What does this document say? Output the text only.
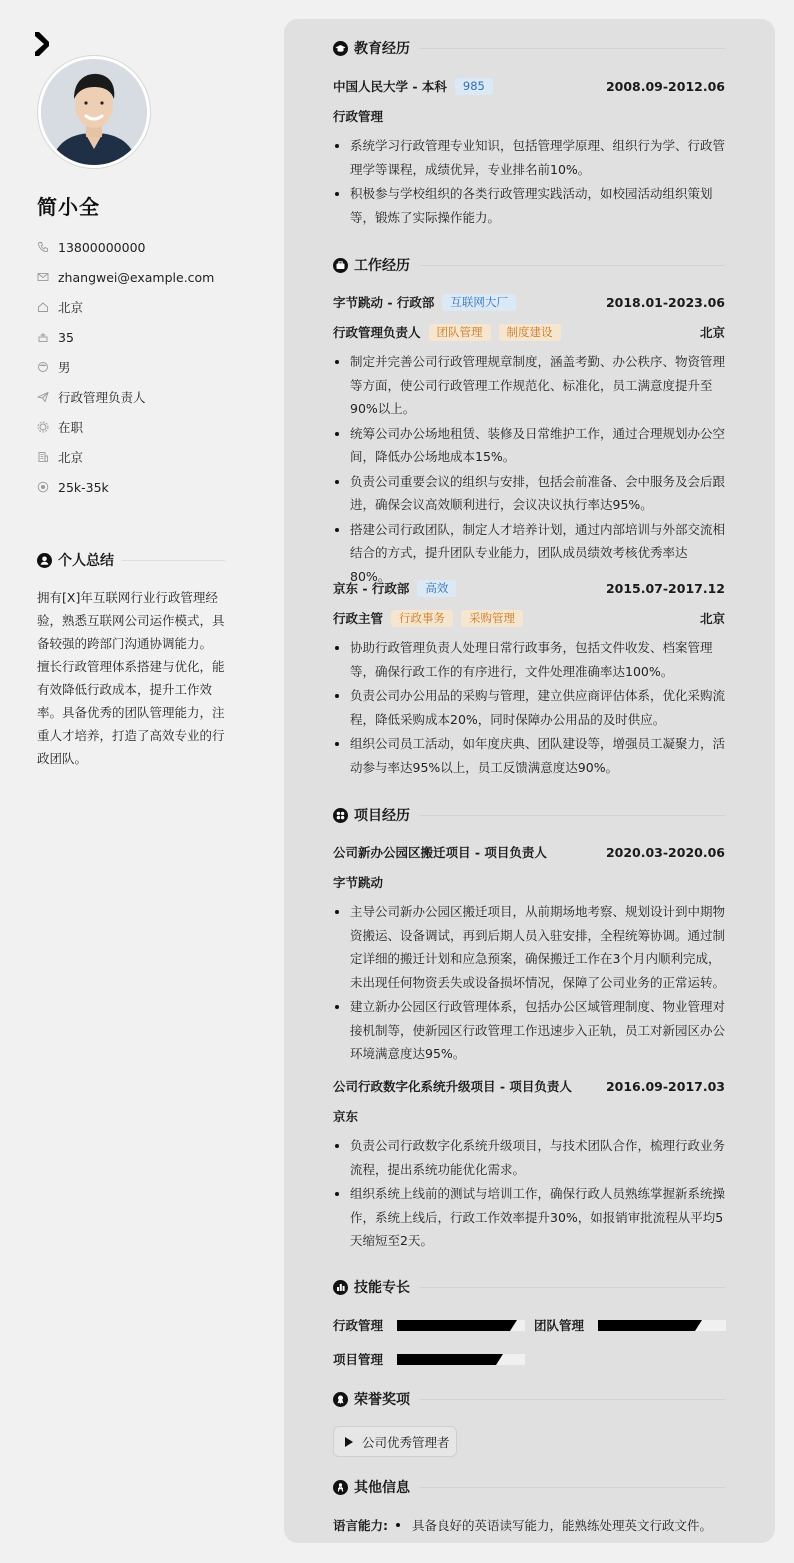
简小全
13800000000
zhangwei@example.com
北京
35
男
行政管理负责人
在职
北京
25k-35k
个人总结
拥有[X]年互联网行业行政管理经验，熟悉互联网公司运作模式，具备较强的跨部门沟通协调能力。 擅长行政管理体系搭建与优化，能有效降低行政成本，提升工作效率。具备优秀的团队管理能力，注重人才培养，打造了高效专业的行政团队。
教育经历
中国人民大学 - 本科	985	2008.09-2012.06
行政管理
系统学习行政管理专业知识，包括管理学原理、组织行为学、行政管理学等课程，成绩优异，专业排名前10%。
积极参与学校组织的各类行政管理实践活动，如校园活动组织策划等，锻炼了实际操作能力。
工作经历
字节跳动 - 行政部	互联网大厂	2018.01-2023.06
行政管理负责人	团队管理	制度建设	北京
制定并完善公司行政管理规章制度，涵盖考勤、办公秩序、物资管理等方面，使公司行政管理工作规范化、标准化，员工满意度提升至90%以上。
统筹公司办公场地租赁、装修及日常维护工作，通过合理规划办公空间，降低办公场地成本15%。
负责公司重要会议的组织与安排，包括会前准备、会中服务及会后跟进，确保会议高效顺利进行，会议决议执行率达95%。
搭建公司行政团队，制定人才培养计划，通过内部培训与外部交流相结合的方式，提升团队专业能力，团队成员绩效考核优秀率达80%。
京东 - 行政部	高效	2015.07-2017.12
行政主管	行政事务	采购管理	北京
协助行政管理负责人处理日常行政事务，包括文件收发、档案管理等，确保行政工作的有序进行，文件处理准确率达100%。
负责公司办公用品的采购与管理，建立供应商评估体系，优化采购流程，降低采购成本20%，同时保障办公用品的及时供应。
组织公司员工活动，如年度庆典、团队建设等，增强员工凝聚力，活动参与率达95%以上，员工反馈满意度达90%。
项目经历
公司新办公园区搬迁项目 - 项目负责人	2020.03-2020.06
字节跳动
主导公司新办公园区搬迁项目，从前期场地考察、规划设计到中期物资搬运、设备调试，再到后期人员入驻安排，全程统筹协调。通过制定详细的搬迁计划和应急预案，确保搬迁工作在3个月内顺利完成，未出现任何物资丢失或设备损坏情况，保障了公司业务的正常运转。
建立新办公园区行政管理体系，包括办公区域管理制度、物业管理对接机制等，使新园区行政管理工作迅速步入正轨，员工对新园区办公环境满意度达95%。
公司行政数字化系统升级项目 - 项目负责人	2016.09-2017.03
京东
负责公司行政数字化系统升级项目，与技术团队合作，梳理行政业务流程，提出系统功能优化需求。
组织系统上线前的测试与培训工作，确保行政人员熟练掌握新系统操作，系统上线后，行政工作效率提升30%，如报销审批流程从平均5天缩短至2天。
技能专长
行政管理	团队管理
项目管理
荣誉奖项
公司优秀管理者
其他信息
语言能力: 具备良好的英语读写能力，能熟练处理英文行政文件。
